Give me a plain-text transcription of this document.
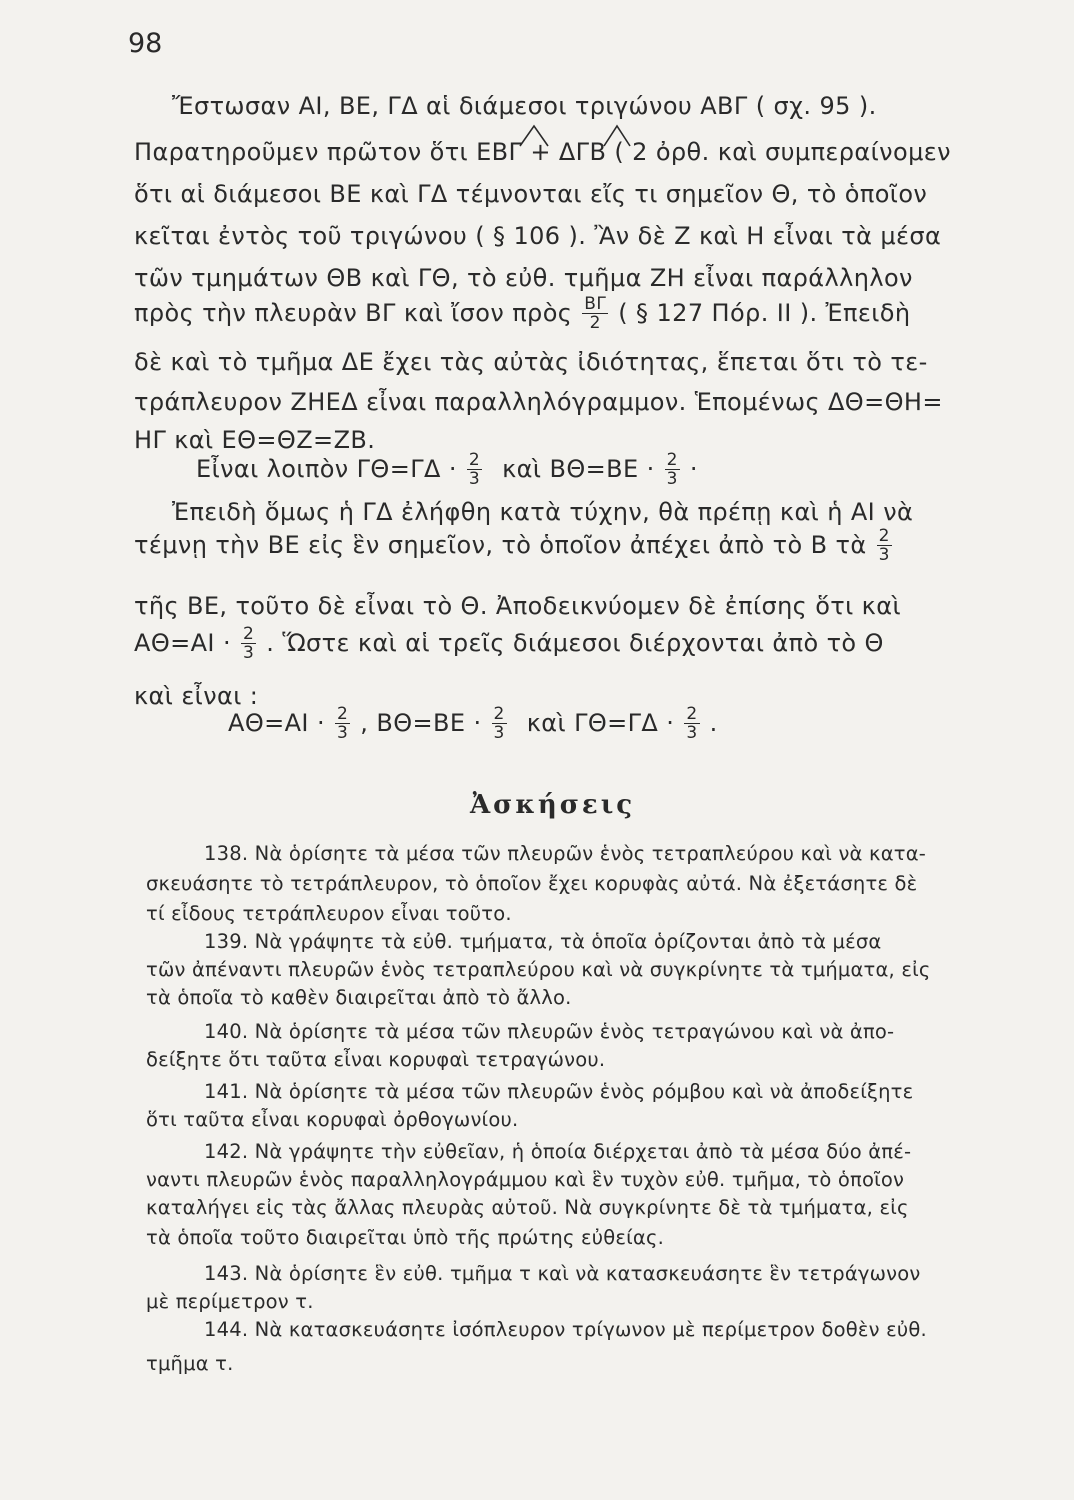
98
Ἔστωσαν ΑΙ, ΒΕ, ΓΔ αἱ διάμεσοι τριγώνου ΑΒΓ ( σχ. 95 ).
Παρατηροῦμεν πρῶτον ὅτι ΕΒΓ + ΔΓΒ ( 2 ὀρθ. καὶ συμπεραίνομεν
ὅτι αἱ διάμεσοι ΒΕ καὶ ΓΔ τέμνονται εἴς τι σημεῖον Θ, τὸ ὁποῖον
κεῖται ἐντὸς τοῦ τριγώνου ( § 106 ). Ἂν δὲ Ζ καὶ Η εἶναι τὰ μέσα
τῶν τμημάτων ΘΒ καὶ ΓΘ, τὸ εὐθ. τμῆμα ΖΗ εἶναι παράλληλον
πρὸς τὴν πλευρὰν ΒΓ καὶ ἴσον πρὸς $\frac{B\Gamma}{2}$ ( § 127 Πόρ. ΙΙ ). Ἐπειδὴ
δὲ καὶ τὸ τμῆμα ΔΕ ἔχει τὰς αὐτὰς ἰδιότητας, ἕπεται ὅτι τὸ τε-
τράπλευρον ΖΗΕΔ εἶναι παραλληλόγραμμον. Ἑπομένως ΔΘ=ΘΗ=
ΗΓ καὶ ΕΘ=ΘΖ=ΖΒ.
Εἶναι λοιπὸν $\Gamma\Theta=\Gamma\Delta \cdot \frac{2}{3}$ καὶ $B\Theta=BE \cdot \frac{2}{3}$ ·
Ἐπειδὴ ὅμως ἡ ΓΔ ἐλήφθη κατὰ τύχην, θὰ πρέπῃ καὶ ἡ ΑΙ νὰ
τέμνῃ τὴν ΒΕ εἰς ἓν σημεῖον, τὸ ὁποῖον ἀπέχει ἀπὸ τὸ Β τὰ $\frac{2}{3}$
τῆς ΒΕ, τοῦτο δὲ εἶναι τὸ Θ. Ἀποδεικνύομεν δὲ ἐπίσης ὅτι καὶ
$A\Theta=AI \cdot \frac{2}{3}$ . Ὥστε καὶ αἱ τρεῖς διάμεσοι διέρχονται ἀπὸ τὸ Θ
καὶ εἶναι :
$A\Theta=AI \cdot \frac{2}{3}$ , $B\Theta=BE \cdot \frac{2}{3}$ καὶ $\Gamma\Theta=\Gamma\Delta \cdot \frac{2}{3}$ .
Ἀσκήσεις
138. Νὰ ὁρίσητε τὰ μέσα τῶν πλευρῶν ἑνὸς τετραπλεύρου καὶ νὰ κατα-
σκευάσητε τὸ τετράπλευρον, τὸ ὁποῖον ἔχει κορυφὰς αὐτά. Νὰ ἐξετάσητε δὲ
τί εἶδους τετράπλευρον εἶναι τοῦτο.
139. Νὰ γράψητε τὰ εὐθ. τμήματα, τὰ ὁποῖα ὁρίζονται ἀπὸ τὰ μέσα
τῶν ἀπέναντι πλευρῶν ἑνὸς τετραπλεύρου καὶ νὰ συγκρίνητε τὰ τμήματα, εἰς
τὰ ὁποῖα τὸ καθὲν διαιρεῖται ἀπὸ τὸ ἄλλο.
140. Νὰ ὁρίσητε τὰ μέσα τῶν πλευρῶν ἑνὸς τετραγώνου καὶ νὰ ἀπο-
δείξητε ὅτι ταῦτα εἶναι κορυφαὶ τετραγώνου.
141. Νὰ ὁρίσητε τὰ μέσα τῶν πλευρῶν ἑνὸς ρόμβου καὶ νὰ ἀποδείξητε
ὅτι ταῦτα εἶναι κορυφαὶ ὀρθογωνίου.
142. Νὰ γράψητε τὴν εὐθεῖαν, ἡ ὁποία διέρχεται ἀπὸ τὰ μέσα δύο ἀπέ-
ναντι πλευρῶν ἑνὸς παραλληλογράμμου καὶ ἓν τυχὸν εὐθ. τμῆμα, τὸ ὁποῖον
καταλήγει εἰς τὰς ἄλλας πλευρὰς αὐτοῦ. Νὰ συγκρίνητε δὲ τὰ τμήματα, εἰς
τὰ ὁποῖα τοῦτο διαιρεῖται ὑπὸ τῆς πρώτης εὐθείας.
143. Νὰ ὁρίσητε ἓν εὐθ. τμῆμα τ καὶ νὰ κατασκευάσητε ἓν τετράγωνον
μὲ περίμετρον τ.
144. Νὰ κατασκευάσητε ἰσόπλευρον τρίγωνον μὲ περίμετρον δοθὲν εὐθ.
τμῆμα τ.
